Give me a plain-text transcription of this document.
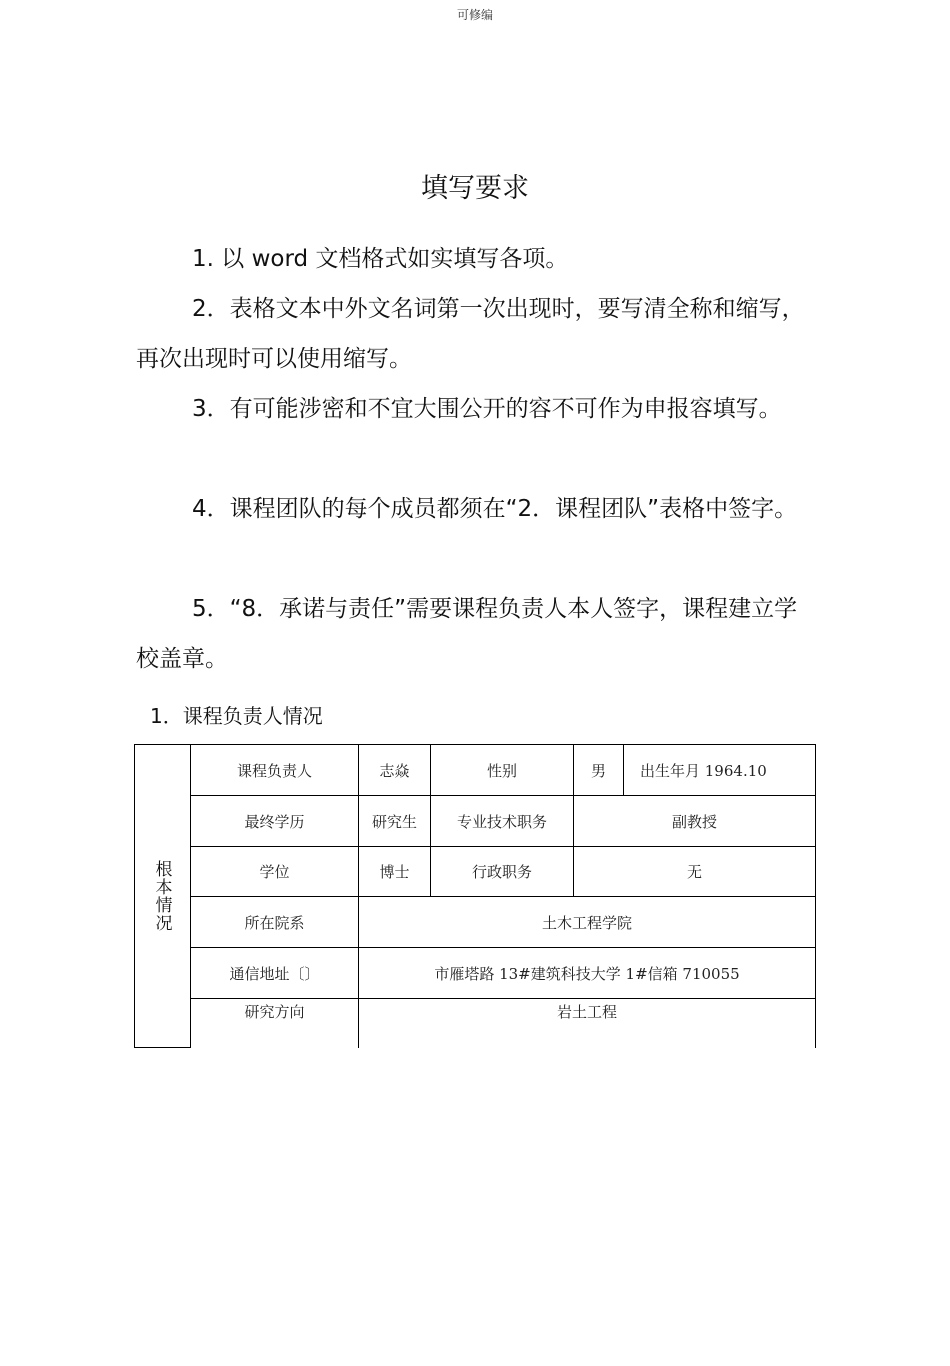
可修编
填写要求

1. 以 word 文档格式如实填写各项。

2．表格文本中外文名词第一次出现时，要写清全称和缩写，再次出现时可以使用缩写。

3．有可能涉密和不宜大围公开的容不可作为申报容填写。

4．课程团队的每个成员都须在“2．课程团队”表格中签字。

5．“8．承诺与责任”需要课程负责人本人签字，课程建立学校盖章。

1．课程负责人情况
根本情况
课程负责人	志焱	性别	男	出生年月 1964.10
最终学历	研究生	专业技术职务	副教授
学位	博士	行政职务	无
所在院系	土木工程学院
通信地址〔〕	市雁塔路 13#建筑科技大学 1#信箱 710055
研究方向	岩土工程
